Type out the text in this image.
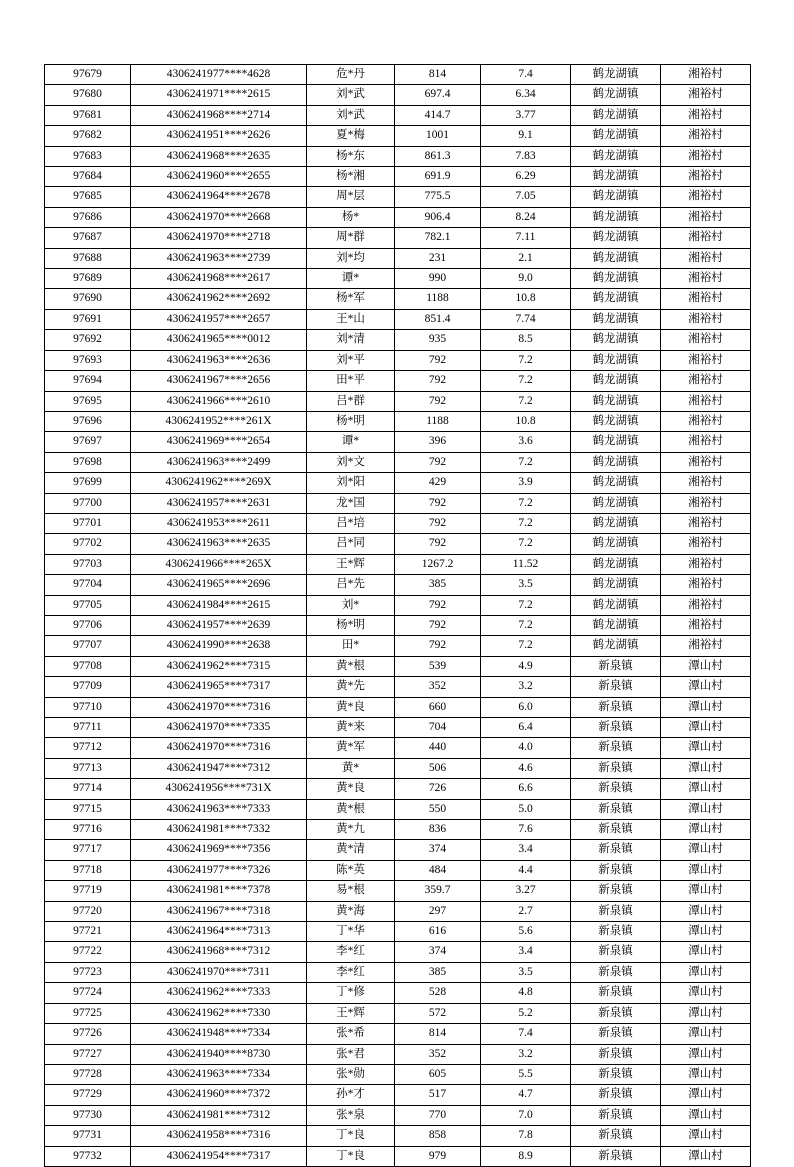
97679	4306241977****4628	危*丹	814	7.4	鹤龙湖镇	湘裕村
97680	4306241971****2615	刘*武	697.4	6.34	鹤龙湖镇	湘裕村
97681	4306241968****2714	刘*武	414.7	3.77	鹤龙湖镇	湘裕村
97682	4306241951****2626	夏*梅	1001	9.1	鹤龙湖镇	湘裕村
97683	4306241968****2635	杨*东	861.3	7.83	鹤龙湖镇	湘裕村
97684	4306241960****2655	杨*湘	691.9	6.29	鹤龙湖镇	湘裕村
97685	4306241964****2678	周*层	775.5	7.05	鹤龙湖镇	湘裕村
97686	4306241970****2668	杨*	906.4	8.24	鹤龙湖镇	湘裕村
97687	4306241970****2718	周*群	782.1	7.11	鹤龙湖镇	湘裕村
97688	4306241963****2739	刘*均	231	2.1	鹤龙湖镇	湘裕村
97689	4306241968****2617	谭*	990	9.0	鹤龙湖镇	湘裕村
97690	4306241962****2692	杨*军	1188	10.8	鹤龙湖镇	湘裕村
97691	4306241957****2657	王*山	851.4	7.74	鹤龙湖镇	湘裕村
97692	4306241965****0012	刘*清	935	8.5	鹤龙湖镇	湘裕村
97693	4306241963****2636	刘*平	792	7.2	鹤龙湖镇	湘裕村
97694	4306241967****2656	田*平	792	7.2	鹤龙湖镇	湘裕村
97695	4306241966****2610	吕*群	792	7.2	鹤龙湖镇	湘裕村
97696	4306241952****261X	杨*明	1188	10.8	鹤龙湖镇	湘裕村
97697	4306241969****2654	谭*	396	3.6	鹤龙湖镇	湘裕村
97698	4306241963****2499	刘*文	792	7.2	鹤龙湖镇	湘裕村
97699	4306241962****269X	刘*阳	429	3.9	鹤龙湖镇	湘裕村
97700	4306241957****2631	龙*国	792	7.2	鹤龙湖镇	湘裕村
97701	4306241953****2611	吕*培	792	7.2	鹤龙湖镇	湘裕村
97702	4306241963****2635	吕*同	792	7.2	鹤龙湖镇	湘裕村
97703	4306241966****265X	王*辉	1267.2	11.52	鹤龙湖镇	湘裕村
97704	4306241965****2696	吕*先	385	3.5	鹤龙湖镇	湘裕村
97705	4306241984****2615	刘*	792	7.2	鹤龙湖镇	湘裕村
97706	4306241957****2639	杨*明	792	7.2	鹤龙湖镇	湘裕村
97707	4306241990****2638	田*	792	7.2	鹤龙湖镇	湘裕村
97708	4306241962****7315	黄*根	539	4.9	新泉镇	潭山村
97709	4306241965****7317	黄*先	352	3.2	新泉镇	潭山村
97710	4306241970****7316	黄*良	660	6.0	新泉镇	潭山村
97711	4306241970****7335	黄*来	704	6.4	新泉镇	潭山村
97712	4306241970****7316	黄*军	440	4.0	新泉镇	潭山村
97713	4306241947****7312	黄*	506	4.6	新泉镇	潭山村
97714	4306241956****731X	黄*良	726	6.6	新泉镇	潭山村
97715	4306241963****7333	黄*根	550	5.0	新泉镇	潭山村
97716	4306241981****7332	黄*九	836	7.6	新泉镇	潭山村
97717	4306241969****7356	黄*清	374	3.4	新泉镇	潭山村
97718	4306241977****7326	陈*英	484	4.4	新泉镇	潭山村
97719	4306241981****7378	易*根	359.7	3.27	新泉镇	潭山村
97720	4306241967****7318	黄*海	297	2.7	新泉镇	潭山村
97721	4306241964****7313	丁*华	616	5.6	新泉镇	潭山村
97722	4306241968****7312	李*红	374	3.4	新泉镇	潭山村
97723	4306241970****7311	李*红	385	3.5	新泉镇	潭山村
97724	4306241962****7333	丁*修	528	4.8	新泉镇	潭山村
97725	4306241962****7330	王*辉	572	5.2	新泉镇	潭山村
97726	4306241948****7334	张*希	814	7.4	新泉镇	潭山村
97727	4306241940****8730	张*君	352	3.2	新泉镇	潭山村
97728	4306241963****7334	张*勋	605	5.5	新泉镇	潭山村
97729	4306241960****7372	孙*才	517	4.7	新泉镇	潭山村
97730	4306241981****7312	张*泉	770	7.0	新泉镇	潭山村
97731	4306241958****7316	丁*良	858	7.8	新泉镇	潭山村
97732	4306241954****7317	丁*良	979	8.9	新泉镇	潭山村
